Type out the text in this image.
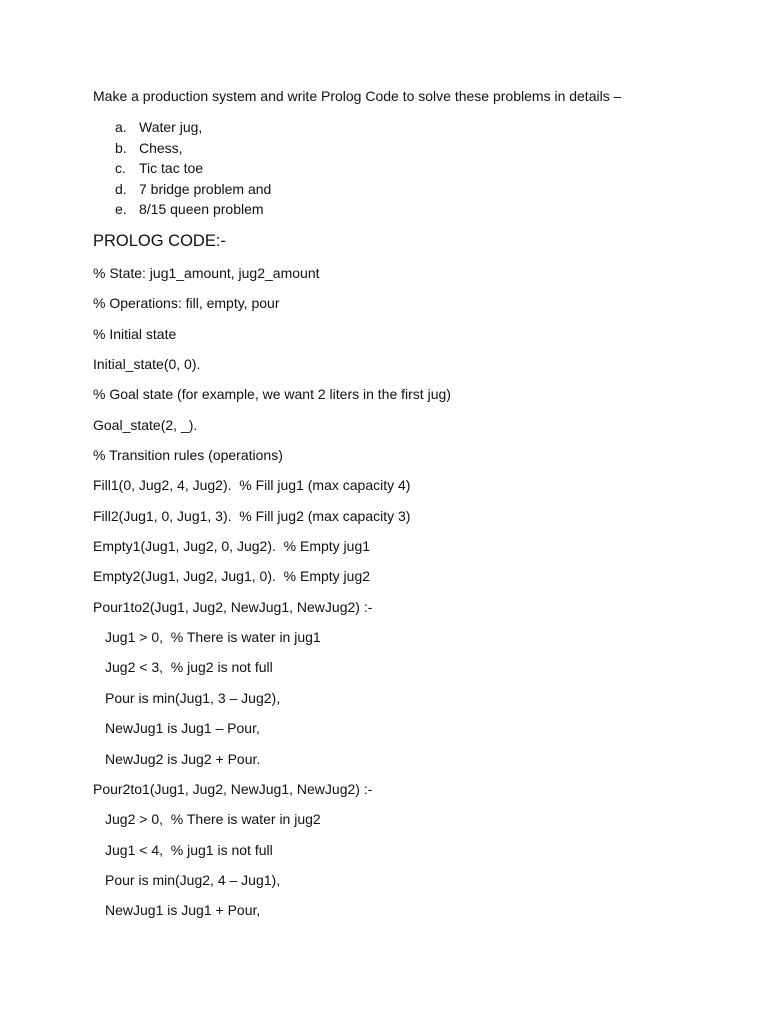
Make a production system and write Prolog Code to solve these problems in details –
a. Water jug,
b. Chess,
c. Tic tac toe
d. 7 bridge problem and
e. 8/15 queen problem
PROLOG CODE:-
% State: jug1_amount, jug2_amount
% Operations: fill, empty, pour
% Initial state
Initial_state(0, 0).
% Goal state (for example, we want 2 liters in the first jug)
Goal_state(2, _).
% Transition rules (operations)
Fill1(0, Jug2, 4, Jug2).  % Fill jug1 (max capacity 4)
Fill2(Jug1, 0, Jug1, 3).  % Fill jug2 (max capacity 3)
Empty1(Jug1, Jug2, 0, Jug2).  % Empty jug1
Empty2(Jug1, Jug2, Jug1, 0).  % Empty jug2
Pour1to2(Jug1, Jug2, NewJug1, NewJug2) :-
Jug1 > 0,  % There is water in jug1
Jug2 < 3,  % jug2 is not full
Pour is min(Jug1, 3 – Jug2),
NewJug1 is Jug1 – Pour,
NewJug2 is Jug2 + Pour.
Pour2to1(Jug1, Jug2, NewJug1, NewJug2) :-
Jug2 > 0,  % There is water in jug2
Jug1 < 4,  % jug1 is not full
Pour is min(Jug2, 4 – Jug1),
NewJug1 is Jug1 + Pour,
